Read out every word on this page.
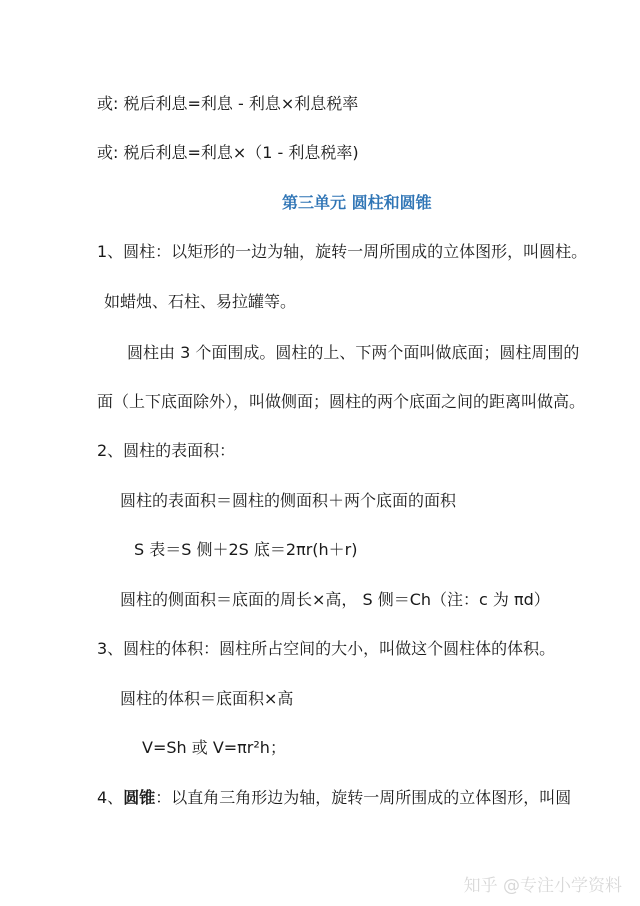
或: 税后利息=利息 - 利息×利息税率
或: 税后利息=利息×（1 - 利息税率)
第三单元 圆柱和圆锥
1、圆柱：以矩形的一边为轴，旋转一周所围成的立体图形，叫圆柱。
如蜡烛、石柱、易拉罐等。
圆柱由 3 个面围成。圆柱的上、下两个面叫做底面；圆柱周围的
面（上下底面除外），叫做侧面；圆柱的两个底面之间的距离叫做高。
2、圆柱的表面积：
圆柱的表面积＝圆柱的侧面积＋两个底面的面积
S 表＝S 侧＋2S 底＝2πr(h＋r)
圆柱的侧面积＝底面的周长×高， S 侧＝Ch（注：c 为 πd）
3、圆柱的体积：圆柱所占空间的大小，叫做这个圆柱体的体积。
圆柱的体积＝底面积×高
V=Sh 或 V=πr²h；
4、圆锥：以直角三角形边为轴，旋转一周所围成的立体图形，叫圆
知乎 @专注小学资料
